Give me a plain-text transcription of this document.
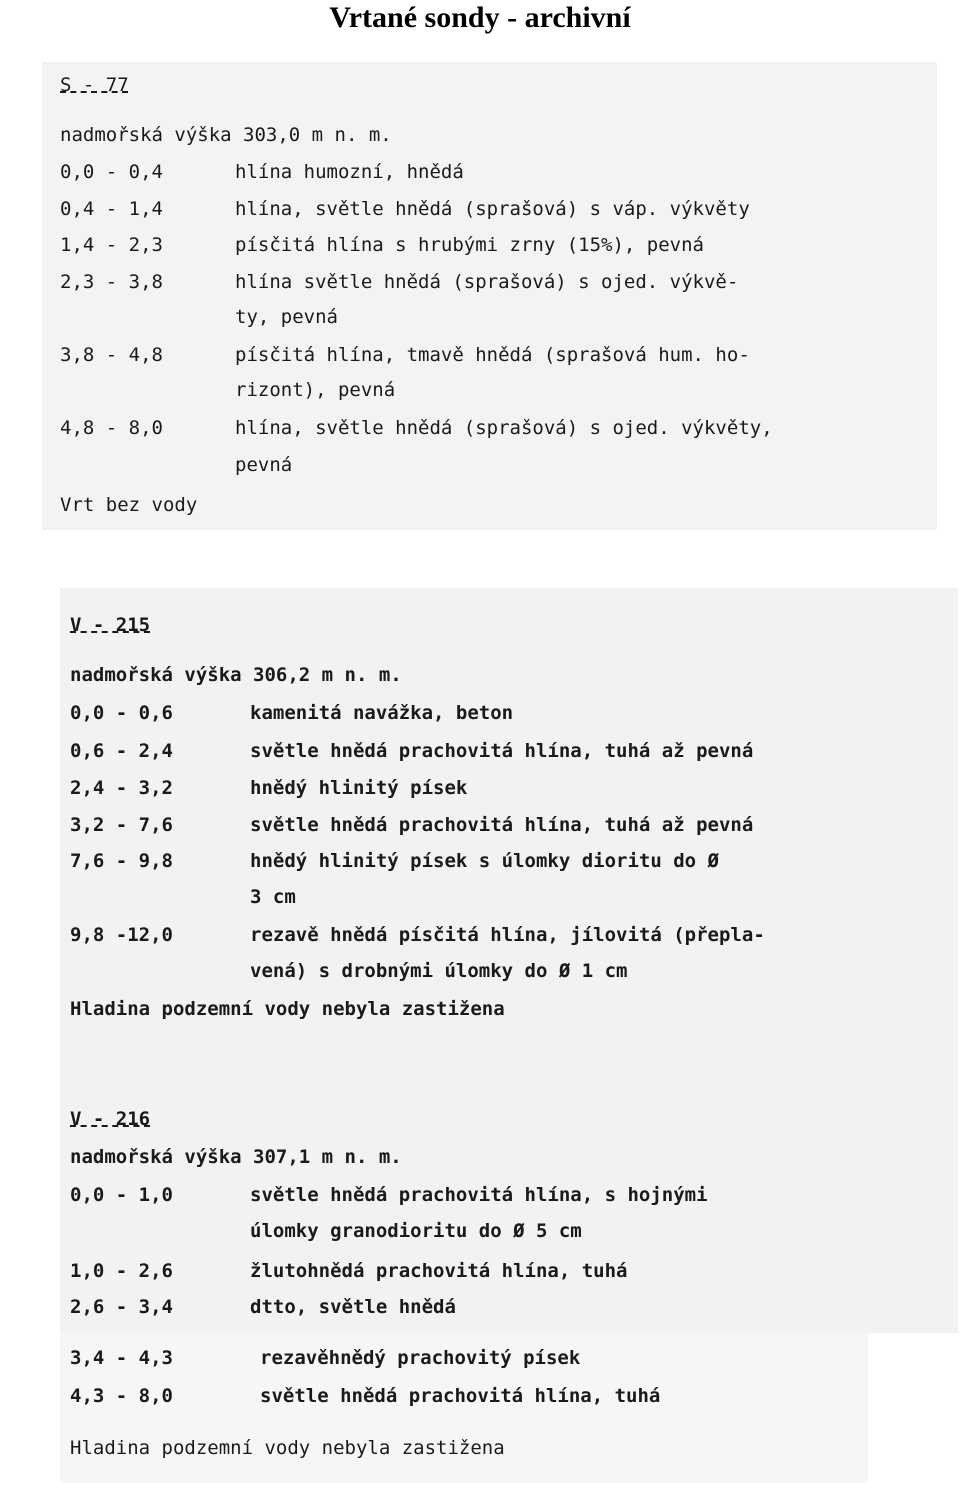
Vrtané sondy - archivní
S - 77
nadmořská výška 303,0 m n. m.
0,0 - 0,4	hlína humozní, hnědá
0,4 - 1,4	hlína, světle hnědá (sprašová) s váp. výkvěty
1,4 - 2,3	písčitá hlína s hrubými zrny (15%), pevná
2,3 - 3,8	hlína světle hnědá (sprašová) s ojed. výkvě-
ty, pevná
3,8 - 4,8	písčitá hlína, tmavě hnědá (sprašová hum. ho-
rizont), pevná
4,8 - 8,0	hlína, světle hnědá (sprašová) s ojed. výkvěty,
pevná
Vrt bez vody
V - 215
nadmořská výška 306,2 m n. m.
0,0 - 0,6	kamenitá navážka, beton
0,6 - 2,4	světle hnědá prachovitá hlína, tuhá až pevná
2,4 - 3,2	hnědý hlinitý písek
3,2 - 7,6	světle hnědá prachovitá hlína, tuhá až pevná
7,6 - 9,8	hnědý hlinitý písek s úlomky dioritu do Ø
3 cm
9,8 -12,0	rezavě hnědá písčitá hlína, jílovitá (přepla-
vená) s drobnými úlomky do Ø 1 cm
Hladina podzemní vody nebyla zastižena
V - 216
nadmořská výška 307,1 m n. m.
0,0 - 1,0	světle hnědá prachovitá hlína, s hojnými
úlomky granodioritu do Ø 5 cm
1,0 - 2,6	žlutohnědá prachovitá hlína, tuhá
2,6 - 3,4	dtto, světle hnědá
3,4 - 4,3	rezavěhnědý prachovitý písek
4,3 - 8,0	světle hnědá prachovitá hlína, tuhá
Hladina podzemní vody nebyla zastižena
